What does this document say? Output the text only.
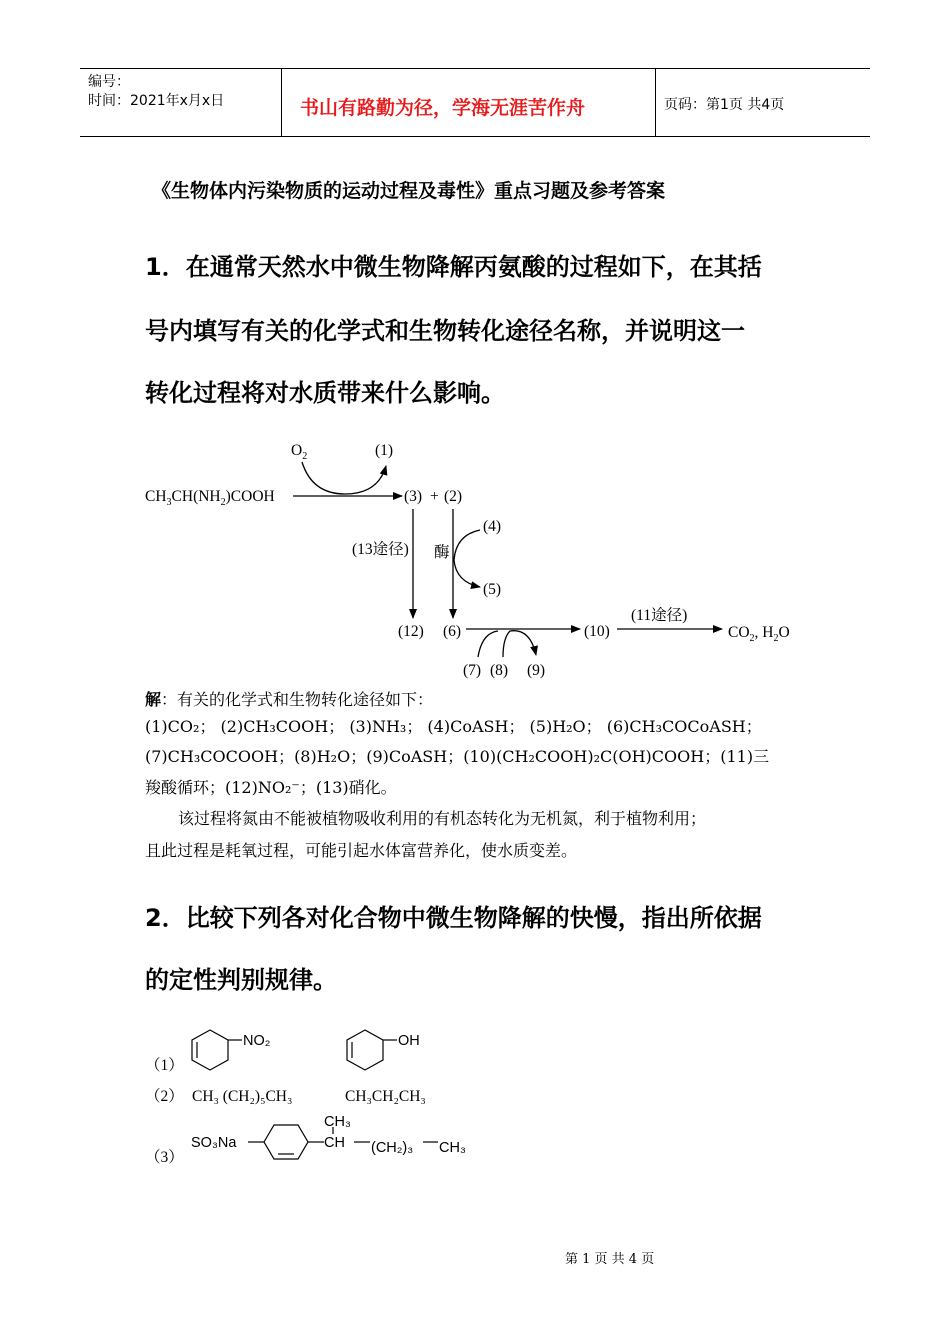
编号：
时间：2021年x月x日	书山有路勤为径，学海无涯苦作舟	页码：第1页 共4页
《生物体内污染物质的运动过程及毒性》重点习题及参考答案
1．在通常天然水中微生物降解丙氨酸的过程如下，在其括
号内填写有关的化学式和生物转化途径名称，并说明这一
转化过程将对水质带来什么影响。
$O_2$	(1)
$CH_3CH(NH_2)COOH$	(3) + (2)
(4)
(13途径) 酶
(5)
(12) (6)
(11途径)
(10)	$CO_2$, $H_2O$
(7) (8) (9)
解：有关的化学式和生物转化途径如下：
(1)CO₂； (2)CH₃COOH； (3)NH₃； (4)CoASH； (5)H₂O； (6)CH₃COCoASH；
(7)CH₃COCOOH；(8)H₂O；(9)CoASH；(10)(CH₂COOH)₂C(OH)COOH；(11)三
羧酸循环；(12)NO₂⁻；(13)硝化。
该过程将氮由不能被植物吸收利用的有机态转化为无机氮，利于植物利用；
且此过程是耗氧过程，可能引起水体富营养化，使水质变差。
2．比较下列各对化合物中微生物降解的快慢，指出所依据
的定性判别规律。
NO₂	OH
SO₃Na
CH₃
CH (CH₂)₃ CH₃
（1）
（2） CH₃ (CH₂)₅CH₃	CH₃CH₂CH₃
（3）
第 1 页 共 4 页
